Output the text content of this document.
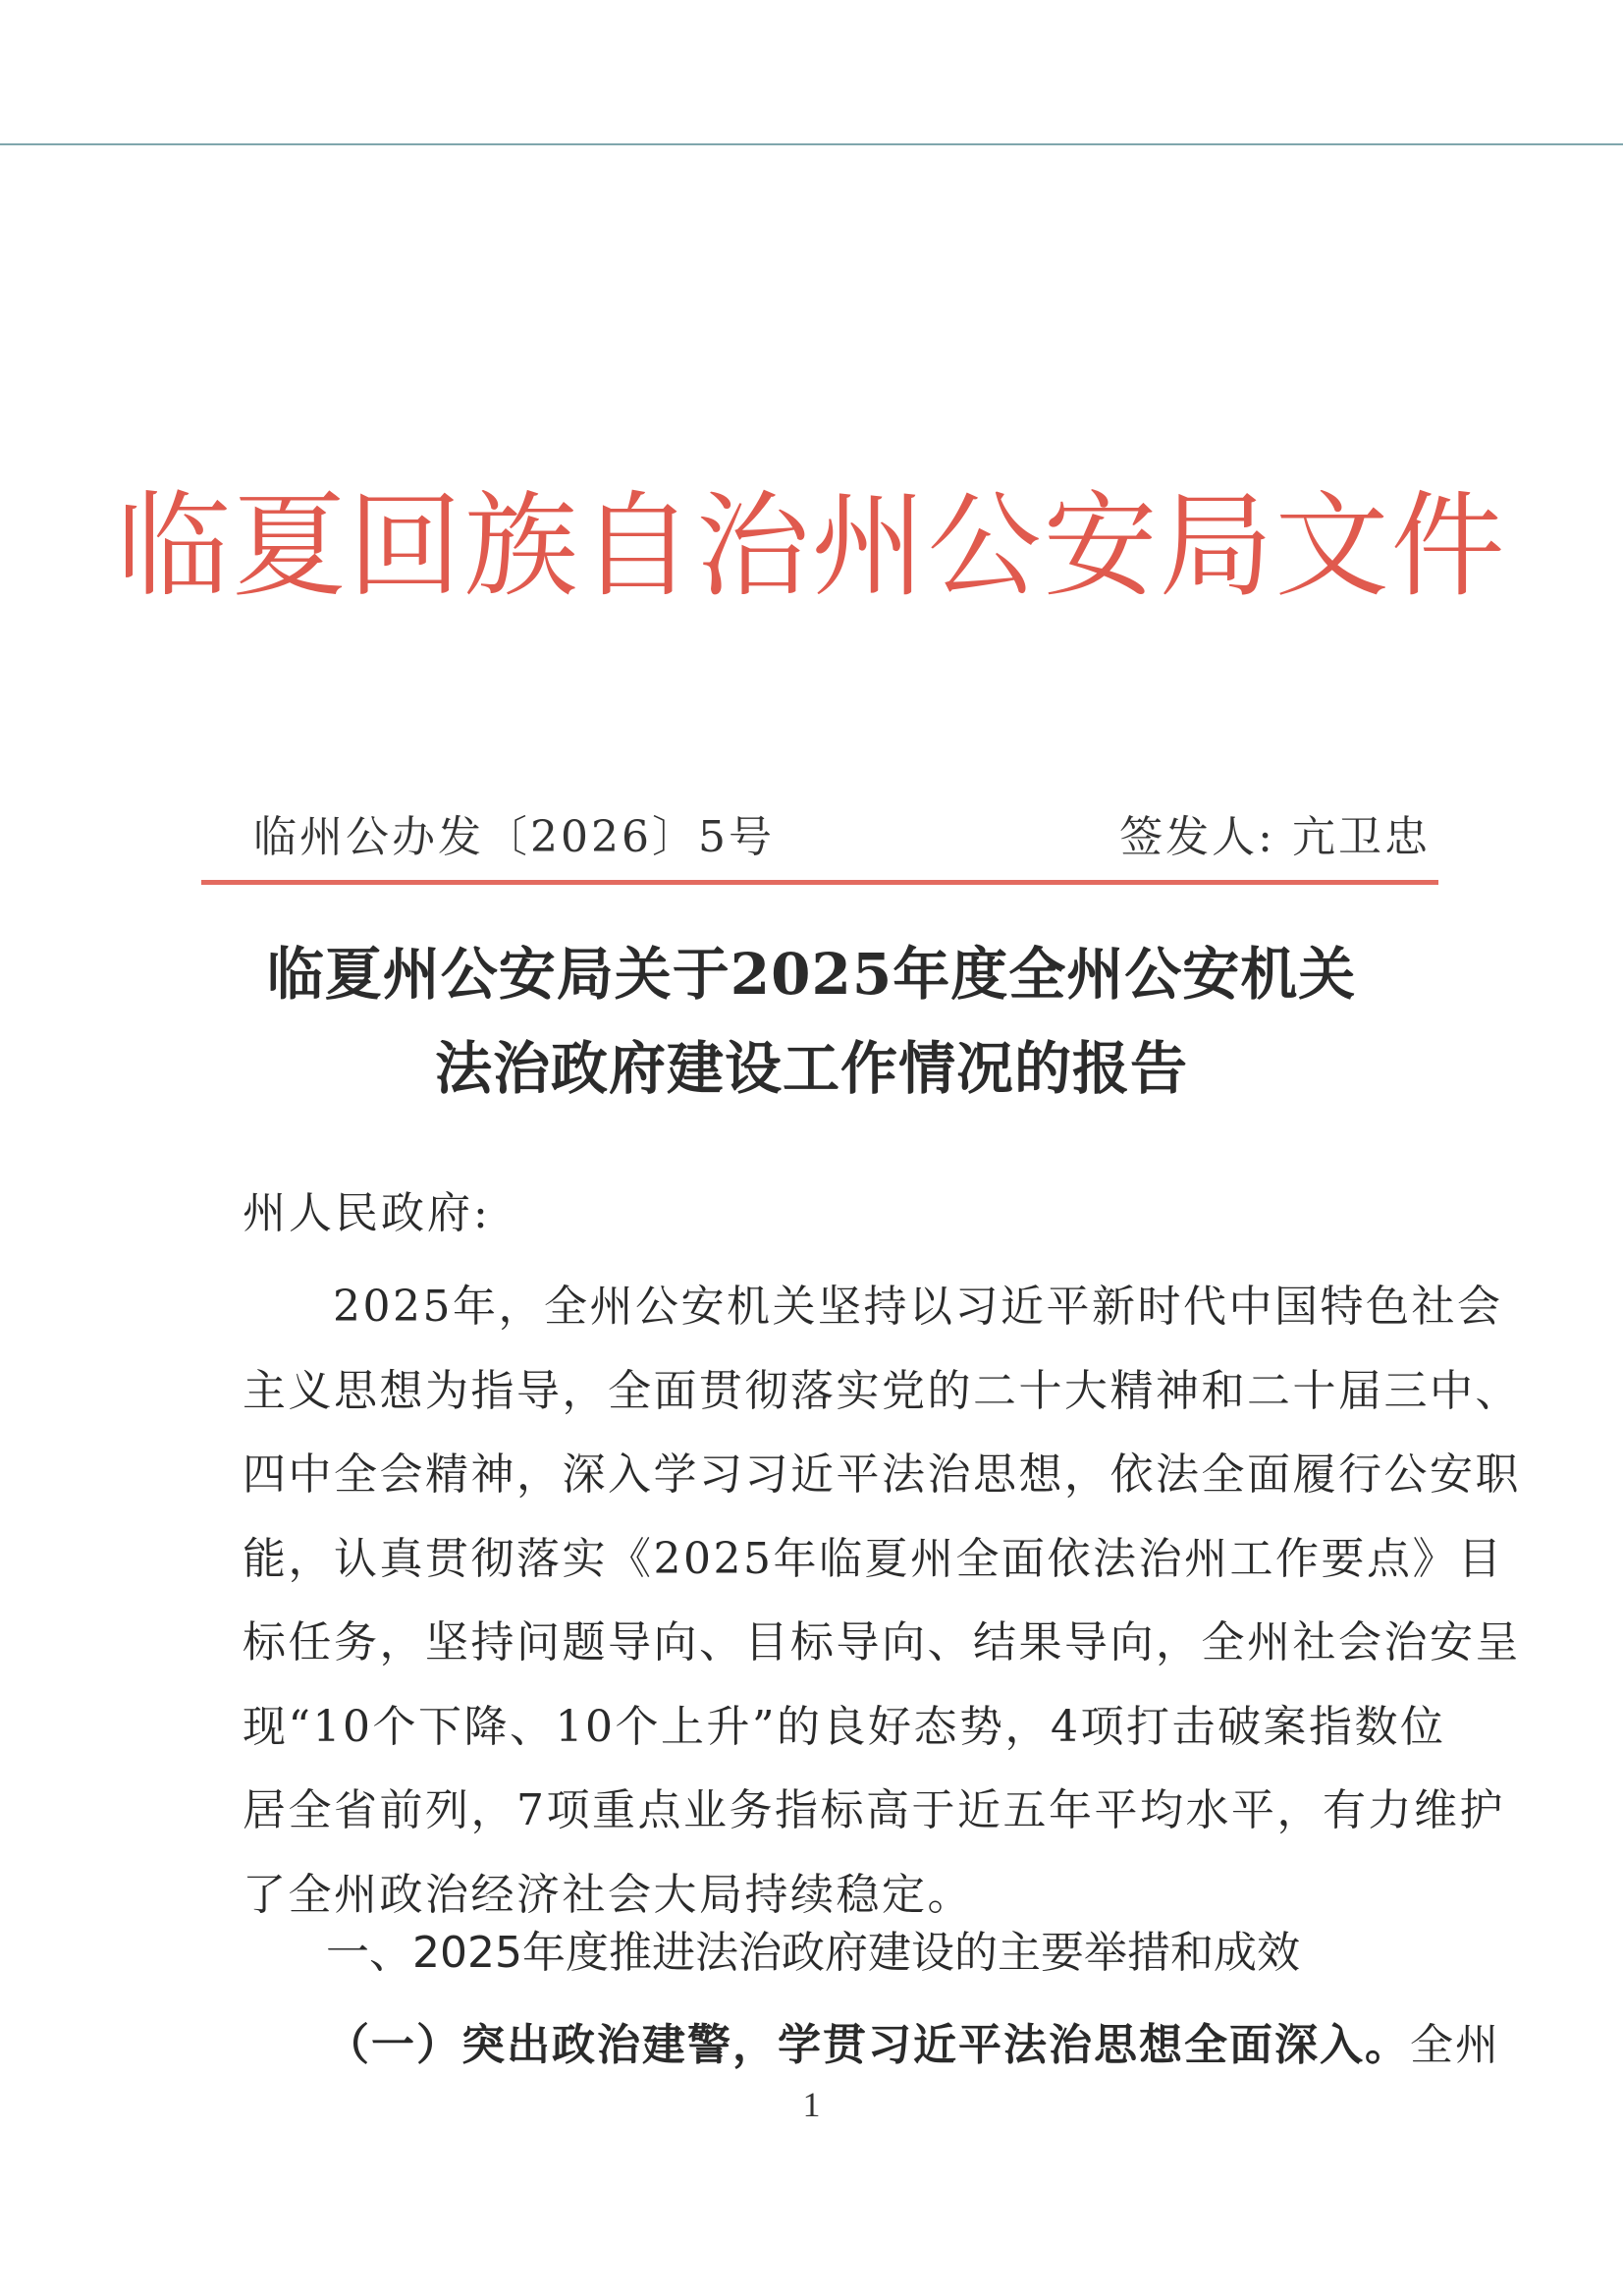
临夏回族自治州公安局文件
临州公办发〔2026〕5号	签发人: 亢卫忠
临夏州公安局关于2025年度全州公安机关
法治政府建设工作情况的报告
州人民政府:
2025年，全州公安机关坚持以习近平新时代中国特色社会
主义思想为指导，全面贯彻落实党的二十大精神和二十届三中、
四中全会精神，深入学习习近平法治思想，依法全面履行公安职
能，认真贯彻落实《2025年临夏州全面依法治州工作要点》目
标任务，坚持问题导向、目标导向、结果导向，全州社会治安呈
现“10个下降、10个上升”的良好态势，4项打击破案指数位
居全省前列，7项重点业务指标高于近五年平均水平，有力维护
了全州政治经济社会大局持续稳定。
一、2025年度推进法治政府建设的主要举措和成效
（一）突出政治建警，学贯习近平法治思想全面深入。全州
1
